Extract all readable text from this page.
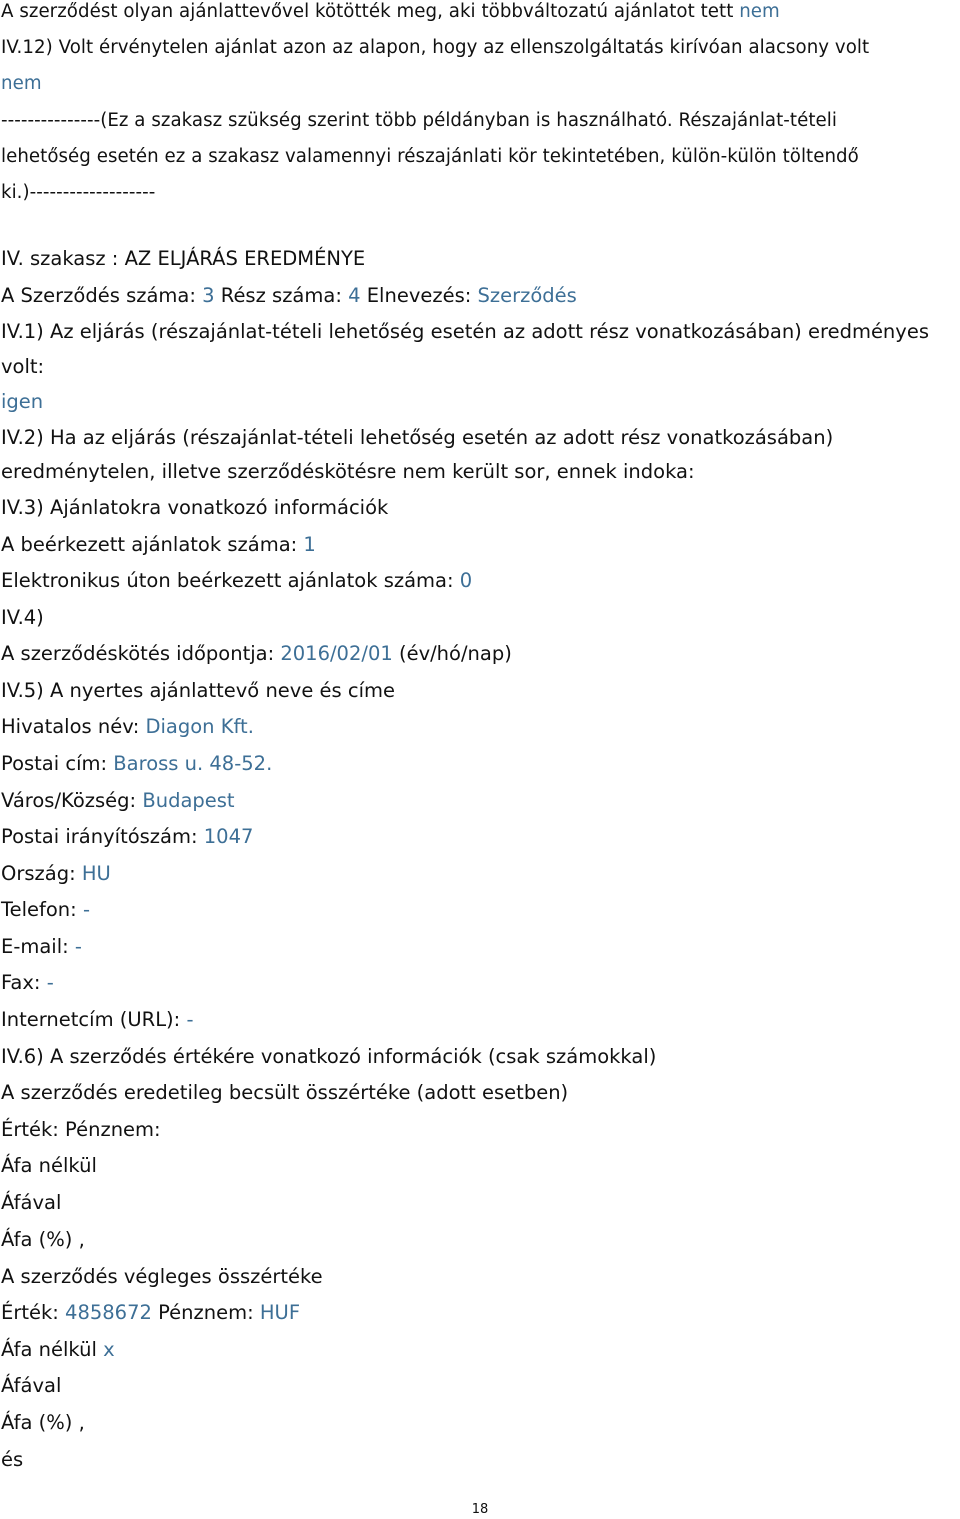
A szerződést olyan ajánlattevővel kötötték meg, aki többváltozatú ajánlatot tett nem
IV.12) Volt érvénytelen ajánlat azon az alapon, hogy az ellenszolgáltatás kirívóan alacsony volt
nem
---------------(Ez a szakasz szükség szerint több példányban is használható. Részajánlat-tételi
lehetőség esetén ez a szakasz valamennyi részajánlati kör tekintetében, külön-külön töltendő
ki.)-------------------
IV. szakasz : AZ ELJÁRÁS EREDMÉNYE
A Szerződés száma: 3 Rész száma: 4 Elnevezés: Szerződés
IV.1) Az eljárás (részajánlat-tételi lehetőség esetén az adott rész vonatkozásában) eredményes
volt:
igen
IV.2) Ha az eljárás (részajánlat-tételi lehetőség esetén az adott rész vonatkozásában)
eredménytelen, illetve szerződéskötésre nem került sor, ennek indoka:
IV.3) Ajánlatokra vonatkozó információk
A beérkezett ajánlatok száma: 1
Elektronikus úton beérkezett ajánlatok száma: 0
IV.4)
A szerződéskötés időpontja: 2016/02/01 (év/hó/nap)
IV.5) A nyertes ajánlattevő neve és címe
Hivatalos név: Diagon Kft.
Postai cím: Baross u. 48-52.
Város/Község: Budapest
Postai irányítószám: 1047
Ország: HU
Telefon: -
E-mail: -
Fax: -
Internetcím (URL): -
IV.6) A szerződés értékére vonatkozó információk (csak számokkal)
A szerződés eredetileg becsült összértéke (adott esetben)
Érték: Pénznem:
Áfa nélkül
Áfával
Áfa (%) ,
A szerződés végleges összértéke
Érték: 4858672 Pénznem: HUF
Áfa nélkül x
Áfával
Áfa (%) ,
és
18
